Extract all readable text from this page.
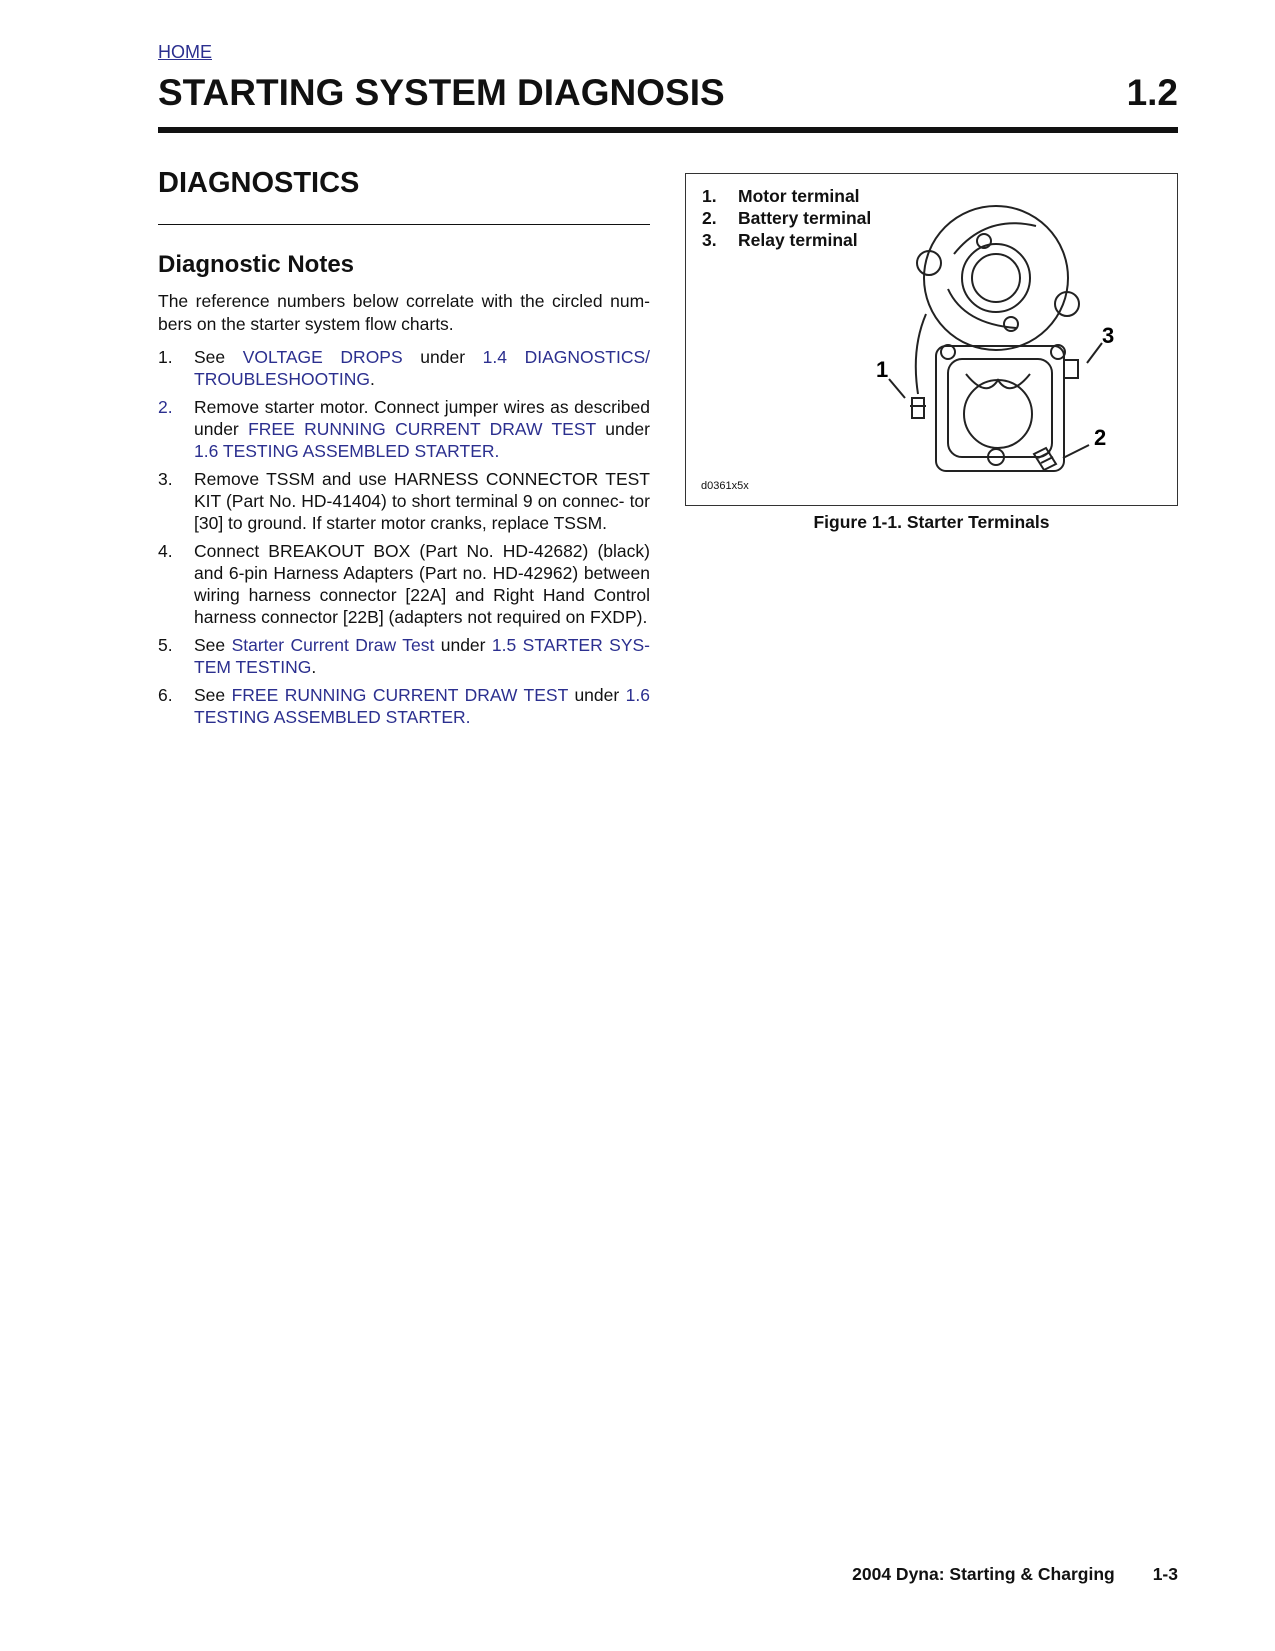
HOME
STARTING SYSTEM DIAGNOSIS	1.2
DIAGNOSTICS
Diagnostic Notes

The reference numbers below correlate with the circled num- bers on the starter system flow charts.

1. See VOLTAGE DROPS under 1.4 DIAGNOSTICS/ TROUBLESHOOTING.
2. Remove starter motor. Connect jumper wires as described under FREE RUNNING CURRENT DRAW TEST under 1.6 TESTING ASSEMBLED STARTER.
3. Remove TSSM and use HARNESS CONNECTOR TEST KIT (Part No. HD-41404) to short terminal 9 on connec- tor [30] to ground. If starter motor cranks, replace TSSM.
4. Connect BREAKOUT BOX (Part No. HD-42682) (black) and 6-pin Harness Adapters (Part no. HD-42962) between wiring harness connector [22A] and Right Hand Control harness connector [22B] (adapters not required on FXDP).
5. See Starter Current Draw Test under 1.5 STARTER SYS- TEM TESTING.
6. See FREE RUNNING CURRENT DRAW TEST under 1.6 TESTING ASSEMBLED STARTER.
1
2
3
1. Motor terminal
2. Battery terminal
3. Relay terminal
d0361x5x
Figure 1-1. Starter Terminals
2004 Dyna: Starting & Charging 1-3
